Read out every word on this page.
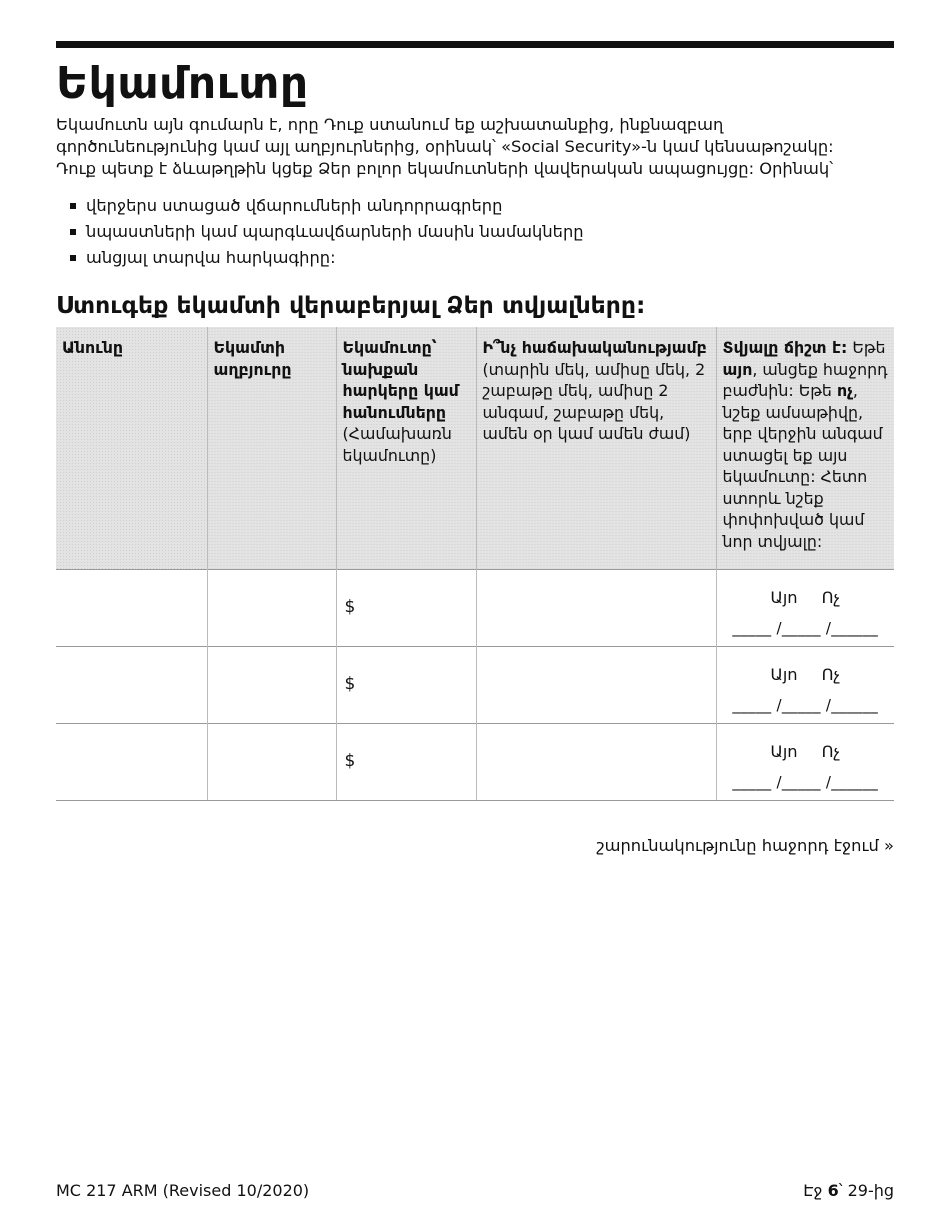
Եկամուտը

Եկամուտն այն գումարն է, որը Դուք ստանում եք աշխատանքից, ինքնազբաղ

գործունեությունից կամ այլ աղբյուրներից, օրինակ՝ «Social Security»-ն կամ կենսաթոշակը:

Դուք պետք է ձևաթղթին կցեք Ձեր բոլոր եկամուտների վավերական ապացույցը: Օրինակ՝

վերջերս ստացած վճարումների անդորրագրերը
նպաստների կամ պարգևավճարների մասին նամակները
անցյալ տարվա հարկագիրը:
Ստուգեք եկամտի վերաբերյալ Ձեր տվյալները:
Անունը	Եկամտի աղբյուրը	Եկամուտը՝ նախքան հարկերը կամ հանումները (Համախառն եկամուտը)	Ի՞նչ հաճախականությամբ (տարին մեկ, ամիսը մեկ, 2 շաբաթը մեկ, ամիսը 2 անգամ, շաբաթը մեկ, ամեն օր կամ ամեն ժամ)	Տվյալը ճիշտ է: Եթե այո, անցեք հաջորդ բաժնին: Եթե ոչ, նշեք ամսաթիվը, երբ վերջին անգամ ստացել եք այս եկամուտը: Հետո ստորև նշեք փոփոխված կամ նոր տվյալը:
		$		Այո Ոչ
_____ /_____ /______

		$		Այո Ոչ
_____ /_____ /______

		$		Այո Ոչ
_____ /_____ /______
շարունակությունը հաջորդ էջում »
MC 217 ARM (Revised 10/2020)	Էջ 6՝ 29-ից
